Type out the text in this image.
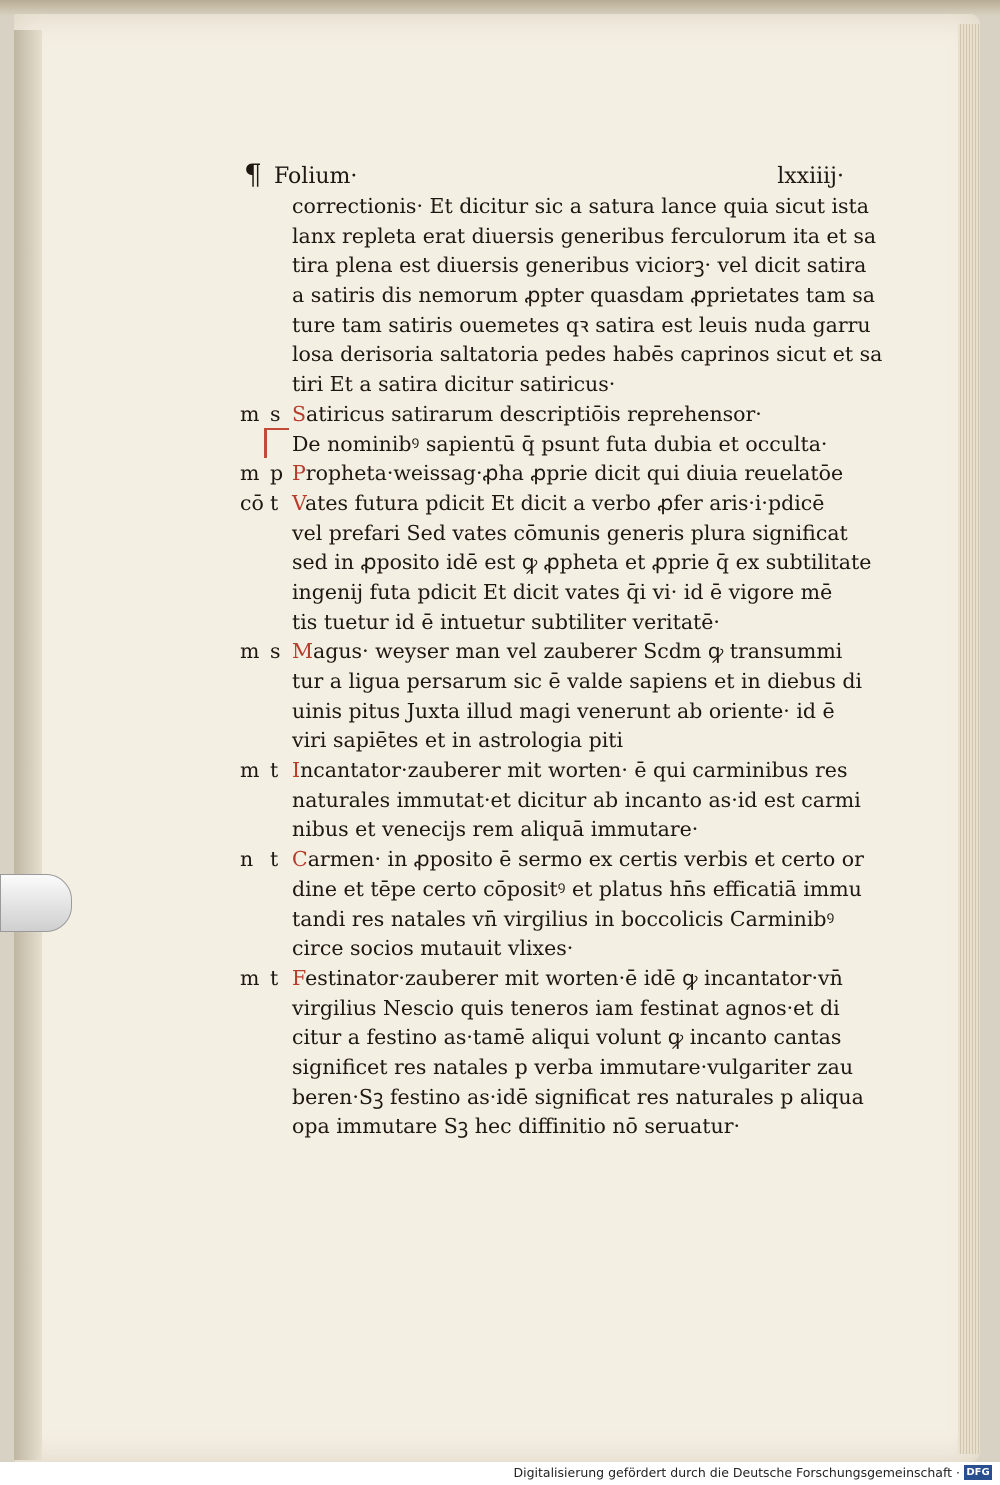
¶ Folium·	lxxiiij·
correctionis· Et dicitur sic a satura lance quia sicut ista
lanx repleta erat diuersis generibus ferculorum ita et sa
tira plena est diuersis generibus viciorꝫ· vel dicit satira
a satiris dis nemorum ꝓpter quasdam ꝓprietates tam sa
ture tam satiris ouemetes qꝛ satira est leuis nuda garru
losa derisoria saltatoria pedes habēs caprinos sicut et sa
tiri Et a satira dicitur satiricus·
m s Satiricus satirarum descriptiōis reprehensor·
De nominibꝰ sapientū q̄ psunt futa dubia et occulta·
m p Propheta·weissag·ꝓha ꝓprie dicit qui diuia reuelatōe
cō t Vates futura pdicit Et dicit a verbo ꝓfer aris·i·pdicē
vel prefari Sed vates cōmunis generis plura significat
sed in ꝓposito idē est ꝙ ꝓpheta et ꝓprie q̄ ex subtilitate
ingenij futa pdicit Et dicit vates q̄i vi· id ē vigore mē
tis tuetur id ē intuetur subtiliter veritatē·
m s Magus· weyser man vel zauberer Scdm ꝙ transummi
tur a ligua persarum sic ē valde sapiens et in diebus di
uinis pitus Juxta illud magi venerunt ab oriente· id ē
viri sapiētes et in astrologia piti
m t Incantator·zauberer mit worten· ē qui carminibus res
naturales immutat·et dicitur ab incanto as·id est carmi
nibus et venecijs rem aliquā immutare·
n t Carmen· in ꝓposito ē sermo ex certis verbis et certo or
dine et tēpe certo cōpositꝰ et platus hn̄s efficatiā immu
tandi res natales vn̄ virgilius in boccolicis Carminibꝰ
circe socios mutauit vlixes·
m t Festinator·zauberer mit worten·ē idē ꝙ incantator·vn̄
virgilius Nescio quis teneros iam festinat agnos·et di
citur a festino as·tamē aliqui volunt ꝙ incanto cantas
significet res natales p verba immutare·vulgariter zau
beren·Sꝫ festino as·idē significat res naturales p aliqua
opa immutare Sꝫ hec diffinitio nō seruatur·
Digitalisierung gefördert durch die Deutsche Forschungsgemeinschaft · DFG
